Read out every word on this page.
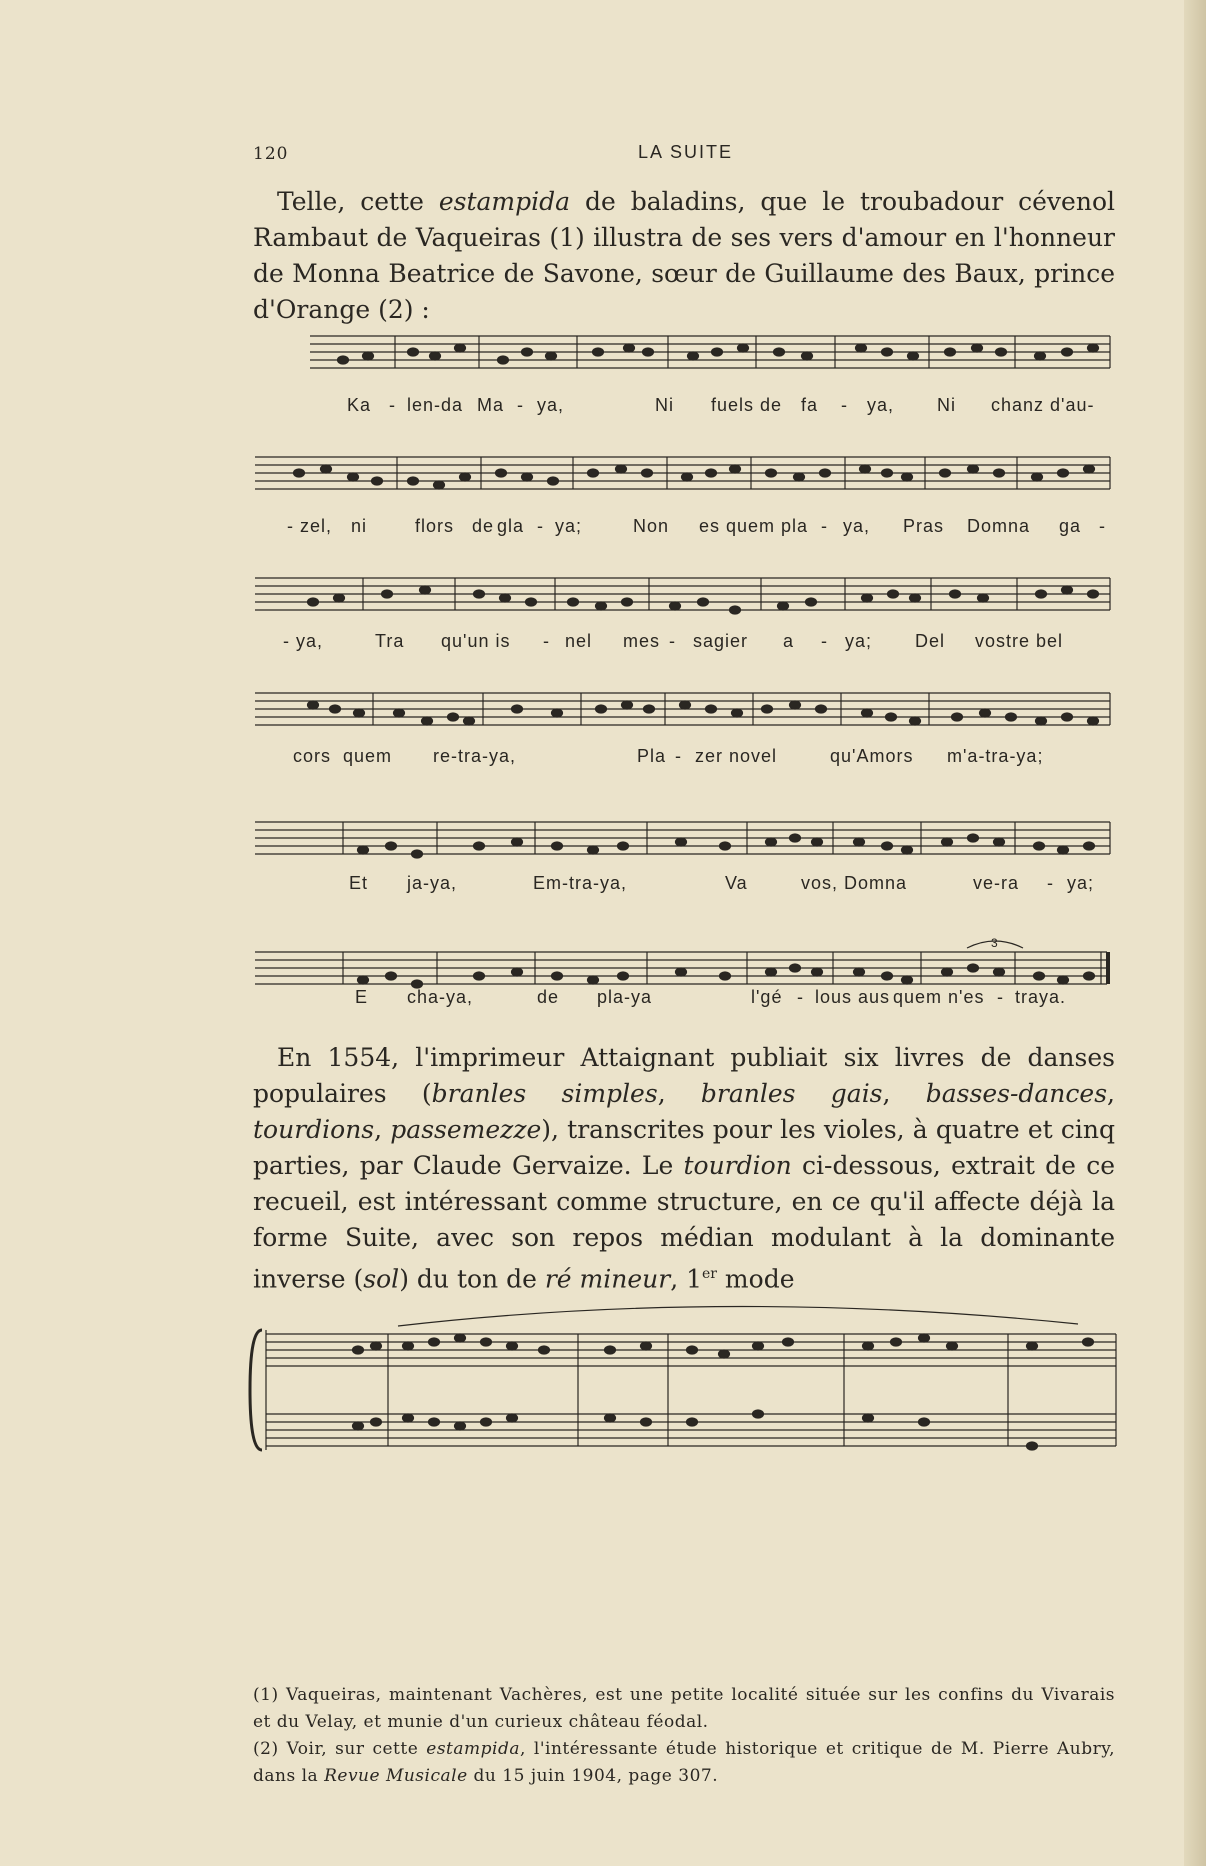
120	LA SUITE

Telle, cette estampida de baladins, que le troubadour cévenol Rambaut de Vaqueiras (1) illustra de ses vers d'amour en l'honneur de Monna Beatrice de Savone, sœur de Guillaume des Baux, prince d'Orange (2) :

Ka - len-da Ma - ya,	Ni fuels de fa - ya, Ni chanz d'au-
- zel, ni	flors de gla - ya;	Non es quem pla - ya, Pras Domna ga -
- ya,	Tra qu'un is - nel mes - sagier a - ya; Del vostre bel
cors quem re-tra-ya,	Pla - zer novel	qu'Amors m'a-tra-ya;
Et ja-ya,	Em-tra-ya,	Va	vos, Domna	ve-ra - ya;
3
E cha-ya,	de pla-ya	l'gé - lous aus quem n'es - traya.

En 1554, l'imprimeur Attaignant publiait six livres de danses populaires (branles simples, branles gais, basses-dances, tourdions, passemezze), transcrites pour les violes, à quatre et cinq parties, par Claude Gervaize. Le tourdion ci-dessous, extrait de ce recueil, est intéressant comme structure, en ce qu'il affecte déjà la forme Suite, avec son repos médian modulant à la dominante inverse (sol) du ton de ré mineur, 1er mode

(1) Vaqueiras, maintenant Vachères, est une petite localité située sur les confins du Vivarais et du Velay, et munie d'un curieux château féodal.

(2) Voir, sur cette estampida, l'intéressante étude historique et critique de M. Pierre Aubry, dans la Revue Musicale du 15 juin 1904, page 307.
